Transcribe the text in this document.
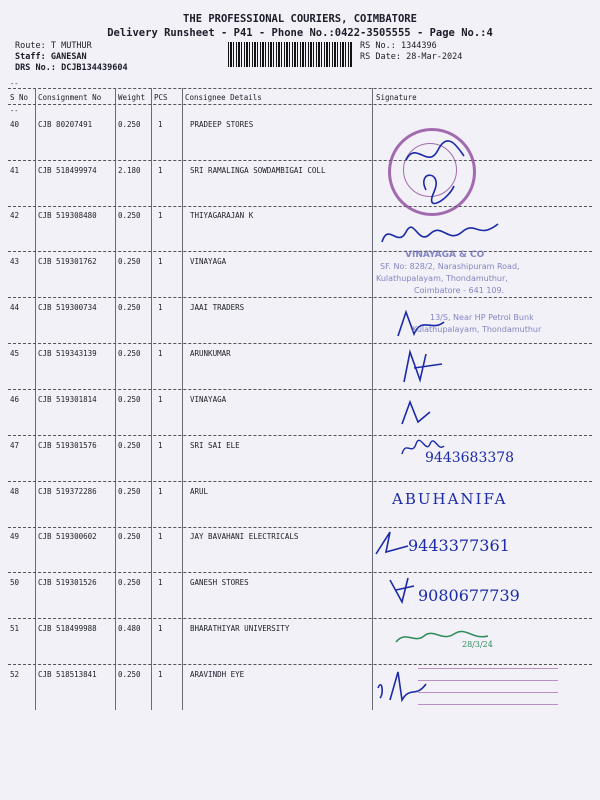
THE PROFESSIONAL COURIERS, COIMBATORE
Delivery Runsheet - P41 - Phone No.:0422-3505555 - Page No.:4
Route: T MUTHUR
Staff: GANESAN
DRS No.: DCJB134439604
RS No.: 1344396
RS Date: 28-Mar-2024
--
S No Consignment No Weight PCS Consignee Details	Signature
--
40	CJB 80207491	0.250 1	PRADEEP STORES
41	CJB 518499974	2.180 1	SRI RAMALINGA SOWDAMBIGAI COLL
42	CJB 519308480	0.250 1	THIYAGARAJAN K
43	CJB 519301762	0.250 1	VINAYAGA
44	CJB 519300734	0.250 1	JAAI TRADERS
45	CJB 519343139	0.250 1	ARUNKUMAR
46	CJB 519301814	0.250 1	VINAYAGA
47	CJB 519301576	0.250 1	SRI SAI ELE
48	CJB 519372286	0.250 1	ARUL
49	CJB 519300602	0.250 1	JAY BAVAHANI ELECTRICALS
50	CJB 519301526	0.250 1	GANESH STORES
51	CJB 518499988	0.480 1	BHARATHIYAR UNIVERSITY
52	CJB 518513841	0.250 1	ARAVINDH EYE
VINAYAGA & CO
SF. No: 828/2, Narashipuram Road,
Kulathupalayam, Thondamuthur,
Coimbatore - 641 109.
13/S, Near HP Petrol Bunk
Kulathupalayam, Thondamuthur
9443683378
ABUHANIFA
9443377361
9080677739
28/3/24
